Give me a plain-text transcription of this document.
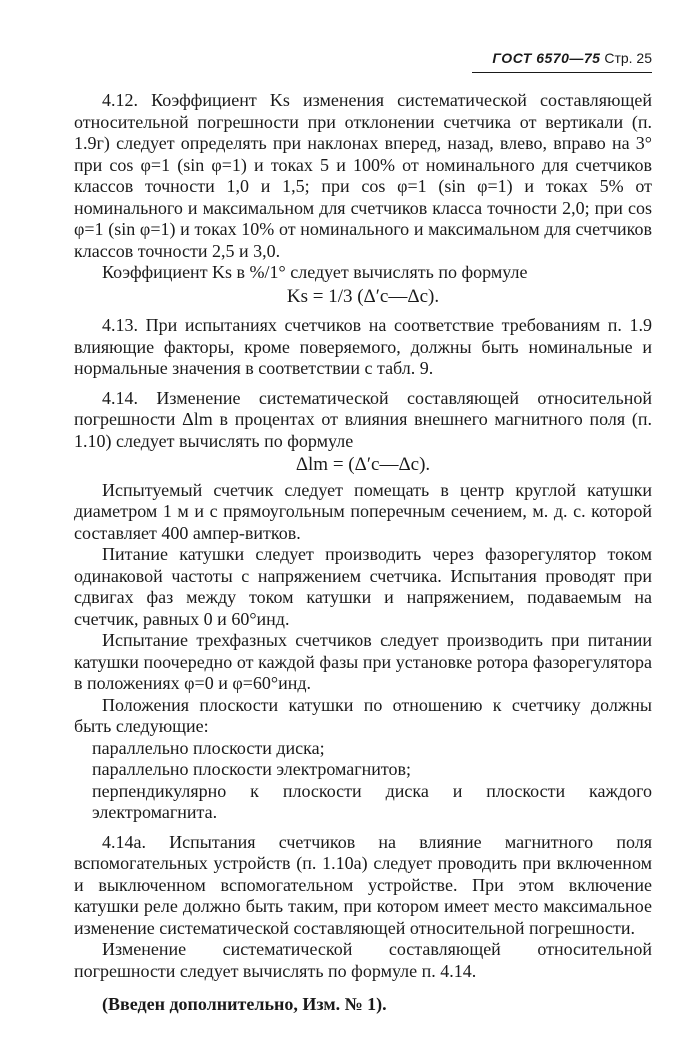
ГОСТ 6570—75 Стр. 25

4.12. Коэффициент Ks изменения систематической составляющей относительной погрешности при отклонении счетчика от вертикали (п. 1.9г) следует определять при наклонах вперед, назад, влево, вправо на 3° при cos φ=1 (sin φ=1) и токах 5 и 100% от номинального для счетчиков классов точности 1,0 и 1,5; при cos φ=1 (sin φ=1) и токах 5% от номинального и максимальном для счетчиков класса точности 2,0; при cos φ=1 (sin φ=1) и токах 10% от номинального и максимальном для счетчиков классов точности 2,5 и 3,0.

Коэффициент Ks в %/1° следует вычислять по формуле

Ks = 1/3 (Δ′c—Δc).

4.13. При испытаниях счетчиков на соответствие требованиям п. 1.9 влияющие факторы, кроме поверяемого, должны быть номинальные и нормальные значения в соответствии с табл. 9.

4.14. Изменение систематической составляющей относительной погрешности Δlm в процентах от влияния внешнего магнитного поля (п. 1.10) следует вычислять по формуле

Δlm = (Δ′c—Δc).

Испытуемый счетчик следует помещать в центр круглой катушки диаметром 1 м и с прямоугольным поперечным сечением, м. д. с. которой составляет 400 ампер-витков.

Питание катушки следует производить через фазорегулятор током одинаковой частоты с напряжением счетчика. Испытания проводят при сдвигах фаз между током катушки и напряжением, подаваемым на счетчик, равных 0 и 60°инд.

Испытание трехфазных счетчиков следует производить при питании катушки поочередно от каждой фазы при установке ротора фазорегулятора в положениях φ=0 и φ=60°инд.

Положения плоскости катушки по отношению к счетчику должны быть следующие:

параллельно плоскости диска;

параллельно плоскости электромагнитов;

перпендикулярно к плоскости диска и плоскости каждого электромагнита.

4.14а. Испытания счетчиков на влияние магнитного поля вспомогательных устройств (п. 1.10а) следует проводить при включенном и выключенном вспомогательном устройстве. При этом включение катушки реле должно быть таким, при котором имеет место максимальное изменение систематической составляющей относительной погрешности.

Изменение систематической составляющей относительной погрешности следует вычислять по формуле п. 4.14.

(Введен дополнительно, Изм. № 1).
